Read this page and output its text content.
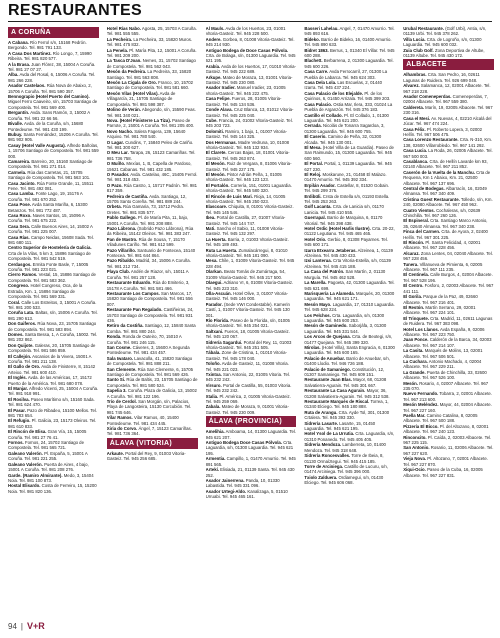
RESTAURANTES
A CORUÑA

A Cabana. Río Ferrol s/n, 15168 Pedrón. Bergondo. Tel. 981 791 133.

A Casa Dos Martinez. Río Longo, 7, 15990 Ribeira. Tel. 981 820 577.

A la Brasa. Juan Flórez, 38, 15004 A Coruña. Tel. 981 27 07 27.

Alba. Avda del Rosal, 6, 15006 A Coruña. Tel. 981 266 228.

Asador Castelaos. Rúa Nova de Abaixo, 2, 15706 A Coruña. Tel. 981 590 357.

Bennograpio (Hotel Puerto del Camino). Miguel Ferro Caaveiro, s/n, 15703 Santiago de Compostela. Tel. 981 569 400.

Bergantín. Avda. Sans Ramón, 3, 15002 A Coruña. Tel. 981 22 66 56.

Bivalle. Avda. de la Coruña, s/n, 15680 Pontedeume. Tel. 981 430 199.

Bubuy. Santa Fernández, 15206 A Coruña. Tel. 981 902 905.

Casay (Hotel Valle Augusta). Alfredo Bañolas, 1, 15706 Santiago de Compostela. Tel. 981 559 000.

Camareira. Barreiro, 20, 15160 Santiago de Compostela. Tel. 981 271 014.

Carmela. Rúa das Carretas, 21, 15705 Santiago de Compostela. Tel. 981 563 101.

Casa Jacinto. Rúa Fonte Grande, 11, 15511 Fene. Tel. 981 492 081.

Casa Lamba. Fonte Lago, 19, 15176 A Coruña. Tel. 981 670 252.

Casa Pose. Avda Santa Mariña, 6, 15300 Betanzos. Tel. 981 772 487.

Casa Roxo. Naves Santos, 15, 15096 A Coruña. Tel. 981 675 222.

Casa Sera. Calle Buenos Aires, 14, 15002 A Coruña. Tel. 981 225 007.

Casa Rías. Campo Neidas, 15608 Sada. Tel. 981 680 111.

Centro Superior de Hostelería de Galicia. Crta de la Vilas, 5 km 3, 15896 Santiago de Compostela. Tel. 981 542 519.

Cerdasgos. Ermita Fonte Basle, 7, 15005 Coruña. Tel. 981 223 021.

Cierro Ramos. Vestal, 15, 15886 Santiago de Compostela. Tel. 981 583 362.

Congreso. Hotel Congreso, Oca, de la Estrada, Km. 1, 15894 Santiago de Compostela. Tel. 981 569 331.

Coral. Calle Los Estreitos, 3, 15001 A Coruña. Tel. 981 200 533.

Coruña Lata. Baltas, s/n, 15006 A Coruña. Tel. 981 290 613.

Don Gaiferos. Rúa Nova, 23, 15705 Santiago de Compostela. Tel. 981 583 894.

Domes. Santa Bessa, 1, A Coruña, 15002. Tel. 981 202 862.

Don Quijote. Galeras, 20, 15705 Santiago de Compostela. Tel. 981 586 859.

El Callejón. Ascanios de la Vivera, 15001 A Coruña. Tel. 981 211 138.

El Gallo de Oro. Avda de Finisterre, 8, 15142 Arteixo. Tel. 981 600 410.

El Inglés. Avda. de las Américas, 17, 15172 Puerto de la América. Tel. 981 680 078.

El Manjar. Alfredo Vicenti, 25, 15004 A Coruña. Tel. 981 918 991.

El Rosilva. Paseo Marítimo s/n, 15160 Sada. Tel. 981 624 470.

El Pasar. Pazo de Ribadeo, 15100 Mellos. Tel. 981 783 654.

El Refugio. Pl. Galicia, 23, 15173 Oleiros. Tel. 981 610 833.

El Rincón de Elisa. Gran Vía, 15, 15005 Coruña. Tel. 981 27 76 41.

Fornos. Fornos, 24, 15702 Santiago de Compostela. Tel. 981 565 721.

Galeano Valerón. Pl. España, 5, 15001 A Coruña. Tel. 981 221 255.

Galeano Valerón. Puerta de Aires, 4 bajo, 15001 A Coruña. Tel. 981 208 276.

Garde. (Ramiro Almirante). Medo, 3, 15404 Noia. Tel. 981 100 873.

Hostal Elisardo. Costa de Ferreiro, 15, 15200 Noia. Tel. 981 820 136.

Hotel Rías Nabo. Agosta, 25, 15703 A Coruña. Tel. 981 555 555.

La Pecheira. La Pecheira, 33, 15820 Muros. Tel. 981 475 832.

La Penela. Pl. María Pita, 12, 15001 A Coruña. Tel. 981 209 200.

La Tasca D'Joan. Nemes, 31, 15702 Santiago de Compostela. Tel. 981 562 043.

Mesón da Pedreira. La Pedreira, 33, 15820 Santiago. Tel. 981 563 808.

Mesón La Cigala de Oro. Franco, 10, 15702 Santiago de Compostela. Tel. 981 581 660.

Mesón Vilas (Hotel Vilas). Avda de Villagarcía, 21, 15705 Santiago de Compostela. Tel. 981 598 387.

Molino de Verán. Abegondo, s/n, 15590 Feas. Tel. 981 340 021.

Nova. (Hotel Finisterre La Tiza). Paseo de Parrote, 2, 15001 A Coruña. Tel. 981 205 400.

Novo Nacho. Salera Fagera, 139, 15640 Arquivo. Tel. 981 780 540.

O Lagar. Cundins, 7, 15840 Peleo de Cariño. Tel. 981 300 627.

O Meu Lar. Tarapa, 26, 15123 Camariñas. Tel. 981 736 758.

O Muíño. Mexías, 1, B, Capella de Pardoso, 15621 Cabanas. Tel. 981 432 185.

O Pasador. Avda. Castelao, 46C, 15405 Ferrol. Tel. 981 318 453.

O Pazo. Rúa Castro, 1, 15717 Padrón. Tel. 981 817 359.

Pedreira de Castiña. Avda. Santiago, 12, 15705 Santo Coreña. Tel. 981 889 244.

Orbeta. Rúa Gamaria, 73, 15712 Pedra. Oretes. Tel. 981 835 577.

Pablo Gallego. Pl. de María Pita, 11, bajo, 15001 A Coruña. Tel. 981 208 888.

Pazo Lábrona. (Sobrido Pazo Lábrona), Rúa da Ribeira, 15142 Oleiros. Tel. 981 383 247.

Pan de Mastro. Rúa de Sousa, 7, 15170 Viladunes Cariño. Tel. 981 612 599.

Pazo Villariño. Santuario de Fontecea, 15140 Fontecea. Tel. 981 644 864.

Pazo Ribaldo. Madrid, 34, 15006 A Coruña. Tel. 981 212 734.

Playa Club. Andén de Riazor, s/n, 15011 A Coruña. Tel. 981 257 128.

Restaurante Eduardo. Rúa do Emiterio, 3, 15178 A Coruña. Tel. 981 581 466.

Restaurante Los Campos. San Marcos, 17, 15820 Santiago de Compostela. Tel. 981 556 007.

Restaurante Pan Regalado. Castiñeiras, 24, 15703 Santiago de Compostela. Tel. 981 931 436.

Retiro da Costiña. Santiago, 12, 15840 Santa Comba. Tel. 981 880 244.

Ronda. Ronda de Outeiro, 70, 15010 A Coruña. Tel. 981 246 115.

San Cosme. Cáveres, 3, 15600 A Segunda Pontedeume. Tel. 981 434 457.

Sala Iwataro. Lavacolla, 41, 15820 Santiago de Compostela. Tel. 981 888 211.

San Clemente. Rúa San Clemente, 6, 15705 Santiago de Compostela. Tel. 981 569 426.

Santo Si. Rúa de Baltis, 23, 15705 Santiago de Compostela. Tel. 981 580 524.

Sapelia 3. Coruña. Plaza de Galicia, 13, 15002 A Coruña. Tel. 981 122 196.

Trío de Cerdol. San Morgán, s/n, Palacios, Playa de Langosteira, 15130 Corcubión. Tel. 981 745 646.

Vilar Ramos. Vilar Ramos, 40, 15400 Pontedeume. Tel. 981 434 445.

Xiria do Corvo. Ángel, 7, 15123 Camariñas. Tel. 981 736 364.

ÁLAVA (VITORIA)

Arkaute. Portal del Rey, 9, 01003 Vitoria-Gasteiz. Tel. 945 256 685.

Al Mauls. Avda de los Huertos, 23, 01001 Vitoria-Gasteiz. Tel. 945 228 500.

Andere. Gorbea, 8, 01008 Vitoria-Gasteiz. Tel. 945 214 930.

Antiguo Bodega de Doce Casas Pólvola. Crta. de Bolaga, s/n, 01300 Laguardia. Tel. 945 621 195.

Arabía. Avda de los Huertos, 17, 01010 Vitoria-Gasteiz. Tel. 945 222 689.

Arkupe. Mateo de Moraza, 13, 01001 Vitoria-Gasteiz. Tel. 945 230 080.

Asador Iradier. Manuel Iradier, 23, 01005 Vitoria-Gasteiz. Tel. 945 222 475.

Casa Felipe. Fueros, 28, 01005 Vitoria-Gasteiz. Tel. 945 134 536.

Conde Alava. Cruz Blanca, 13, 01012 Vitoria-Gasteiz. Tel. 945 225 040.

Cube. Francia, 24, 01002 Vitoria-Gasteiz. Tel. 945 203 723.

Dolomiti. Ramiro, 1 bajo, 1, 01007 Vitoria-Gasteiz. Tel. 945 144 325.

Dos Hermanas. Madre Vedruna, 10, 01008 Vitoria-Gasteiz. Tel. 945 132 934.

El Clarete. Cercas Bajas, 18, 01001 Vitoria-Gasteiz. Tel. 945 263 874.

El Mesón. Ruiz de Vergara, 8, 01006 Vitoria-Gasteiz. Tel. 945 227 175.

El Mesón. Pintor Adrián Peña, 1, 01005 Vitoria-Gasteiz. Tel. 945 123 123.

El Portalón. Correría, 151, 01001 Laguardia. Vitoria-Gasteiz. Tel. 945 580 320.

El Rincón de Luis Mari. Rioja, 14, 01005 Vitoria-Gasteiz. Tel. 945 250 023.

Elascoare. Chiquita, 8, 01001 Vitoria-Gasteiz. Tel. 945 145 546.

Ibea. Portal de Castilla, 27, 01007 Vitoria-Gasteiz. Tel. 945 144 747.

Mati. Sancho el Sabio, 11, 01008 Vitoria-Gasteiz. Tel. 945 132 297.

La Huerta. Barria, 2, 01003 Vitoria-Gasteiz. Tel. 945 189 493.

Ruta La Huerta. Zumalacárregui, 8, 01010 Vitoria-Gasteiz. Tel. 945 181 090.

Mesa. Chile, 1, 01009 Vitoria-Gasteiz. Tel. 945 228 494.

Olarkan. Beato Tomás de Zumárraga, 54, 01009 Vitoria-Gasteiz. Tel. 945 217 500.

Olaegui. Adriano VI, 6, 01008 Vitoria-Gasteiz. Tel. 945 223 310.

Olla-Ascuán. Hotel Olive, 3, 01007 Vitoria-Gasteiz. Tel. 945 146 000.

Parador. (Sede VWI Condestable). Kamerin Castí, 1, 01007 Vitoria-Gasteiz. Tel. 945 130 001.

Río Florida. Paseo de la Florida, s/n, 01005 Vitoria-Gasteiz. Tel. 945 254 021.

Saltxani. Fueros, 18, 01005 Vitoria-Gasteiz. Tel. 945 120 067.

Sidrería Sagardui. Portal del Rey, 11, 01003 Vitoria-Gasteiz. Tel. 945 251 505.

Tábala. Zone de Cristina, 1, 01010 Vitoria-Gasteiz. Tel. 945 178 040.

Toloño. Avda de Gasteiz, 11, 01008 Vitoria. Tel. 945 221 023.

Txintxa. San Antonio, 22, 01005 Vitoria. Tel. 945 232 242.

Virsuro. Portal de Castilla, 55, 01003 Vitoria. Tel. 945 232 242.

Xtalia. Pl. América, 2, 01005 Vitoria-Gasteiz. Tel. 945 259 069.

Zabala. Mateo de Moraza, 9, 01001 Vitoria-Gasteiz. Tel. 945 230 009.

ÁLAVA (PROVINCIA)

Amelihia. Amboama, 14, 01300 Laguardia. Tel. 945 621 207.

Antiguo Bodega Doce Casas Pólvola. Crta. Laguardia, s/n, 01300 Laguardia. Tel. 945 621 195.

Armentia. Campillo, 1, 01470 Amurrio. Tel. 945 891 565.

Artekí. Elisiada, 21, 01139 Santa. Tel. 945 430 252.

Asador Jainerrena. Panda, 10, 01330 Labastida. Tel. 945 331 096.

Asador Urtegi-Aldo. Kanalizaga, 5, 01510 Urruabi. Tel. 945 465 161.

Basseri Lahelau. Angel, 7, 01470 Amurrio. Tel. 945 893 616.

Bideko. Barrio de Bideko, 16, 01400 Amurrio. Tel. 945 890 633.

Bidret 1863. Berrus, 1, 01340 El Villar. Tel. 945 600 288.

Blachett. Berbarrena, 2, 01300 Laguardia. Tel. 945 600 226.

Casa Carre. Avda Ferrocarril, 27, 01300 La Puebla de Labarca. Tel. 945 624 303.

Casa Dela Lola. Las Escuelas, 2, 01440 Izarra. Tel. 945 437 224.

Casa Palacio de los Elejalde. Pl. de los Quirinos, 6, 01450 Arrizala. Tel. 945 399 203.

Casa Palacio. Ostia Mar, Ilera, 333, 01024 La Puebla de Arganzón. Tel. 945 376 183.

Castillo el Collado. Pl. El Collado, 1, 01300 Laguardia. Tel. 945 621 200.

Cerrada. Nicolás de Tonarra Sagardoa, 3, 01300 Laguardia. Tel. 945 600 755.

El Caserío. Camino de Peña, 32, 01300 Alcada. Tel. 945 130 001.

El Mesa. (Hotel Villa de La Guardia). Paseo de San Raimundo, 15, 01300 Laguardia. Tel. 945 600 560.

El Portal. Portal, 1, 01139 Laguardia. Tel. 945 627 230.

El Reloj. Moskarune, 21, 01458 El Malazo. 01470 Amurrio. Tel. 945 392 334.

Erpilán Asador. Castellar, 8, 01520 Gobain. Tel. 945 299 376.

Erdibüli. Crsta de Estella s/n, 01193 Estella. Tel. 945 253 263.

Golf Lacanta. Crta. de Lanicia s/n, 01170 Lanicia. Tel. 945 410 555.

Guerrapal. Barrio de Marquina, 6, 01170 Vitorial. Tel. 945 398 438.

Hotel Ordic (Hotel Harlis Ilustre). Crta. 20-22, 01122 Legutiano. Tel. 945 465 465.

Hotel Orio. Gerbio, 8, 01308 Payarnes. Tel. 945 600 171.

Izarra Etxearra Jetaberas. Alzeinea, 1, 01139 Alzeinea. Tel. 945 430 433.

Izsi Lanterua. Crta Vitoria-Estella, s/n, 01139 Alzeinea. Tel. 945 415 188.

La Casa del Patrón. San Martín, 2, 01130 Murguía. Tel. 945 462 528.

La Marella. Pagoeta, 42, 01300 Laguardia. Tel. 945 621 699.

Marisquería La Alameda. Marqués, 20, 01300 Laguardia. Tel. 945 621 171.

Mesón Mayo. Laguardia, 17, 01310 Laguardia. Tel. 945 628 224.

Los Pelchos. Crta. Laguardia, s/n, 01300 Laguardia. Tel. 945 600 253.

Mesón de Gaminedo. Saborjáfa, 3, 01300 Laguardia. Tel. 945 331 544.

Los Arcos de Quejana. Crta. de Beotegi, s/n, 01477 Quejana. Tel. 945 399 320.

Mirolas. (Hotel Villa), Santa Engracia, 6, 01300 Laguardia. Tel. 945 600 165.

Palacio de Anuebar. Barrio de Anuebar, s/n, 01400 Llodio. Tel. 946 726 188.

Palacio de Samaniego. Constitución, 12, 01307 Samaniego. Tel. 945 609 151.

Restaurante Juan Blas. Mayor, 68, 01208 Salvatierra-Agurain. Tel. 945 301 667.

Restaurante La Casa Agurain. Mayor, 36, 01208 Salvatierra-Agurain. Tel. 945 312 538.

Restaurante Marqués de Riscal. Torrea, 1, 01340 Elciego. Tel. 945 180 888.

Ruta de Arangu. Crta. Ayde Tol, 301, 01300 Crtalera. Tel. 945 393 330.

Sidrería Lasarte. Lasarte, 15, 01450 Laguardia. Tel. 945 621 195.

Hotel Ysol de La Urrutia. Crta. Laguardia, s/n, 01310 Ponanedo. Tel. 945 405 405.

Sidrería Mendoza. Lamberreta, 10, 01400 Mendoza. Tel. 945 318 648.

Sidrería Roncesvalles. Torre de Ibeia, 8, 01130 Ormaíztegui. Tel. 945 415 185.

Torre de Arciniega. Castillo de Lucuru, s/n, 01474 Arciniega. Tel. 945 396 000.

Txiolo Zalduera. Ordiamegui, s/n, 01430 Elciego. Tel. 945 606 068.

Urubal Restaurante. (Golf Urbi), Antia, s/n, 01139 Urbi. Tel. 945 378 262.

Villa Lucia. Crta. de Logroño, s/n, 01300 Laguardia. Tel. 945 600 032.

Zuia Club Golf. Zona Deportiva de Altube, 01139 Altube. Tel. 945 430 172.

ALBACETE

Alhambras. Crta. San Pedro, 16, 02611 Lagunas de Ruidera. Tel. 926 699 048.

Alvarez. Salamanca, 12, 02001 Albacete. Tel. 967 218 228.

Asador Comeneperdas. Comeneperdas, 7, 02004 Albacete. Tel. 967 559 380.

Caldereta. Marín, 19, 02005 Albacete. Tel. 967 230 316.

Casa el Mesi. Av. Nuevas, 4, 02210 Alcalá del Júcar. Tel. 967 474 224.

Casa Félix. Pl. Roberto Lopera, 3, 02002 Hellín. Tel. 967 506 475.

Casa Lorenzo Restaurante. Crta. N-310, Km. 138, 02600 Villarrobledo. Tel. 967 141 292.

Casa Lucia. La Roda, 26, 02005 Albacete. Tel. 967 500 003.

Casablanca. Crta. de Hellín Lavarde km 93, 02140 Albacete. Tel. 967 211 852.

Caserón de la Vuelta de la Manchu. Crta de Requena, Km 1 Abaixo, Km. 21, 02500 Albacete. Tel. 967 137 696.

Central de Bodegas. Albarracín, 16, 02049 Almansa. Tel. 967 340 409.

Cristina Guest Restaurante. Tolledo, s/n, Km. 240, 02080 Albacete. Tel. 967 450 962.

Cuatro Vientos. Cochaleras, s/n, 02639 Chinchilla. Tel. 967 260 126.

El Espineral. Crta. Santiago Marco Antonio, 35, 02640 Almansa. Tel. 967 340 238.

Finca del Carmen. Crta. de Ayora, 2, 02400 Hellín. Tel. 967 301 225.

El Rincón. Pl. Santa Felicidad, 4, 02001 Albacete. Tel. 967 228 456.

Alcaraz. Zona Lentes, 04, 02040 Albacete. Tel. 967 228 456.

Tunera. Villanueva de Pimienta, 6, 02005 Albacete. Tel. 967 111 235.

El Centinela. Calle Burgos, 4, 02004 Albacete. Tel. 967 528 196.

El Centro. Fosforo, 2, 02003 Albacete. Tel. 967 441 111.

El Gorila. Parque de la Paz, 49, 02660 Albacete. Tel. 967 216 401.

El Restón. Martín Serrano, 29, 02001 Albacete. Tel. 967 224 101.

El Trinquete. Crta. Madrid, 11, 02611 Lagunas de Ruidera. Tel. 967 383 098.

Hotel Los Llanos. Avda España, 9, 02006 Albacete. Tel. 967 223 750.

Juan Ponce. Calderón de la Barca, 34, 02003 Albacete. Tel. 967 214 107.

La Casita. Marqués de Molins, 13, 02001 Albacete. Tel. 967 506 501.

La Cuchara. Antonio Machado, 4, 02004 Albacete. Tel. 967 229 211.

La Grande. Puerta de Chinchilla, 33, 02600 Albacete. Tel. 967 526 100.

Mesón. Rosario, 4, 02007 Albacete. Tel. 967 235 070.

Nuevo Fernando. Tobarra, 2, 02001 Albacete. Tel. 967 213 600.

Mesón Meléndez. Mayor, 44, 02004 Albacete. Tel. 967 227 160.

Paella Mar. Camino Catalina, 8, 02005 Albacete. Tel. 967 500 188.

Pizzería El Bicco. Pl. del Altozano, 8, 02001 Albacete. Tel. 967 240 123.

Rinconcito. Pl. Caída, 2, 02003 Albacete. Tel. 967 225 115.

San Antonio. Rosario, 11, 02006 Albacete. Tel. 967 227 620.

Vieja Nova. Pl. Altozano, 7, 02001 Albacete. Tel. 967 227 870.

Xiqui-Ocio. Paseo de la Cuba, 16, 02005 Albacete. Tel. 967 227 831.

94 | V+R
